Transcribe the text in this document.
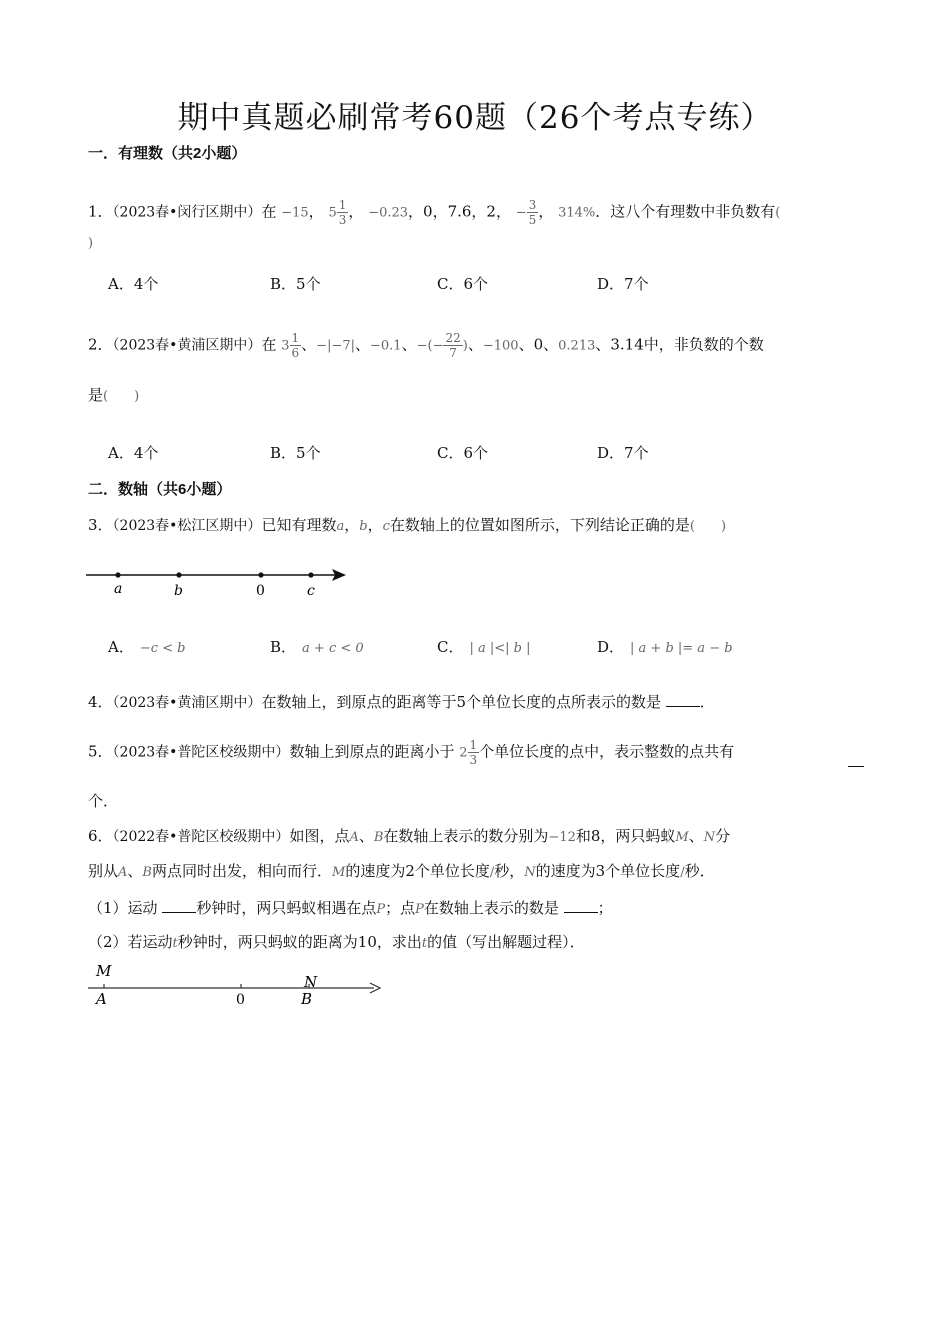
期中真题必刷常考60题（26个考点专练）
一．有理数（共2小题）
1．（2023春•闵行区期中）在 −15， $5 \frac{1}{3}$ ， −0.23，0，7.6，2， − $\frac{3}{5}$ ， 314%．这八个有理数中非负数有(
)
A．4个	B．5个	C．6个	D．7个
2．（2023春•黄浦区期中）在 $3 \frac{1}{6}$ 、−|−7|、−0.1、−(− $\frac{22}{7}$ )、−100、0、0.213、3.14中，非负数的个数
是(　　)
A．4个	B．5个	C．6个	D．7个
二．数轴（共6小题）
3．（2023春•松江区期中）已知有理数a，b，c在数轴上的位置如图所示，下列结论正确的是(　　)
a	b	0	c
A． −c < b	B． a + c < 0	C． | a |<| b |	D． | a + b |= a − b
4．（2023春•黄浦区期中）在数轴上，到原点的距离等于5个单位长度的点所表示的数是	．
5．（2023春•普陀区校级期中）数轴上到原点的距离小于 $2 \frac{1}{3}$ 个单位长度的点中，表示整数的点共有
个．
6．（2022春•普陀区校级期中）如图，点A、B在数轴上表示的数分别为−12和8，两只蚂蚁M、N分
别从A、B两点同时出发，相向而行．M的速度为2个单位长度/秒，N的速度为3个单位长度/秒．
（1）运动	秒钟时，两只蚂蚁相遇在点P；点P在数轴上表示的数是	；
（2）若运动t秒钟时，两只蚂蚁的距离为10，求出t的值（写出解题过程）．
M
A	0
N
B
